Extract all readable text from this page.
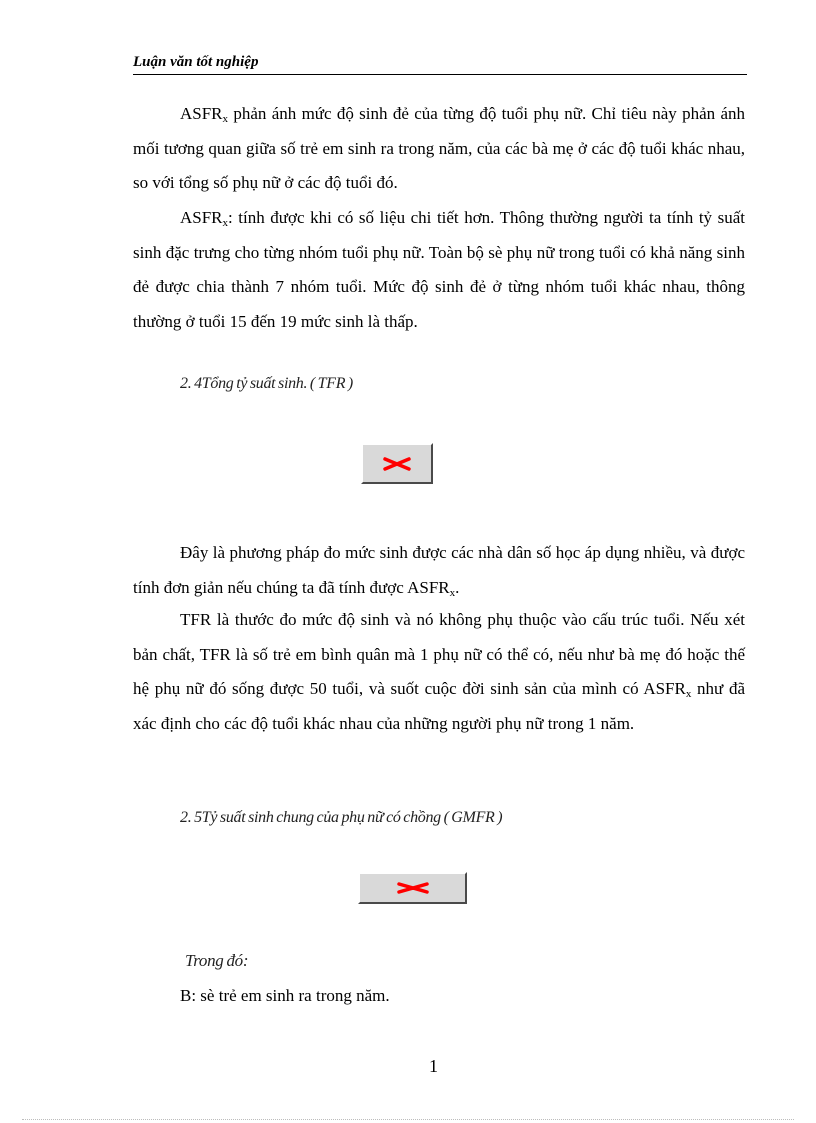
Luận văn tốt nghiệp

$ASFR_x$ phản ánh mức độ sinh đẻ của từng độ tuổi phụ nữ. Chỉ tiêu này phản ánh mối tương quan giữa số trẻ em sinh ra trong năm, của các bà mẹ ở các độ tuổi khác nhau, so với tổng số phụ nữ ở các độ tuổi đó.

$ASFR_x$: tính được khi có số liệu chi tiết hơn. Thông thường người ta tính tỷ suất sinh đặc trưng cho từng nhóm tuổi phụ nữ. Toàn bộ sè phụ nữ trong tuổi có khả năng sinh đẻ được chia thành 7 nhóm tuổi. Mức độ sinh đẻ ở từng nhóm tuổi khác nhau, thông thường ở tuổi 15 đến 19 mức sinh là thấp.

2. 4Tổng tỷ suất sinh. ( TFR )

Đây là phương pháp đo mức sinh được các nhà dân số học áp dụng nhiều, và được tính đơn giản nếu chúng ta đã tính được $ASFR_x$.

TFR là thước đo mức độ sinh và nó không phụ thuộc vào cấu trúc tuổi. Nếu xét bản chất, TFR là số trẻ em bình quân mà 1 phụ nữ có thể có, nếu như bà mẹ đó hoặc thế hệ phụ nữ đó sống được 50 tuổi, và suốt cuộc đời sinh sản của mình có $ASFR_x$ như đã xác định cho các độ tuổi khác nhau của những người phụ nữ trong 1 năm.

2. 5Tỷ suất sinh chung của phụ nữ có chồng ( GMFR )
Trong đó:

B: sè trẻ em sinh ra trong năm.

1
